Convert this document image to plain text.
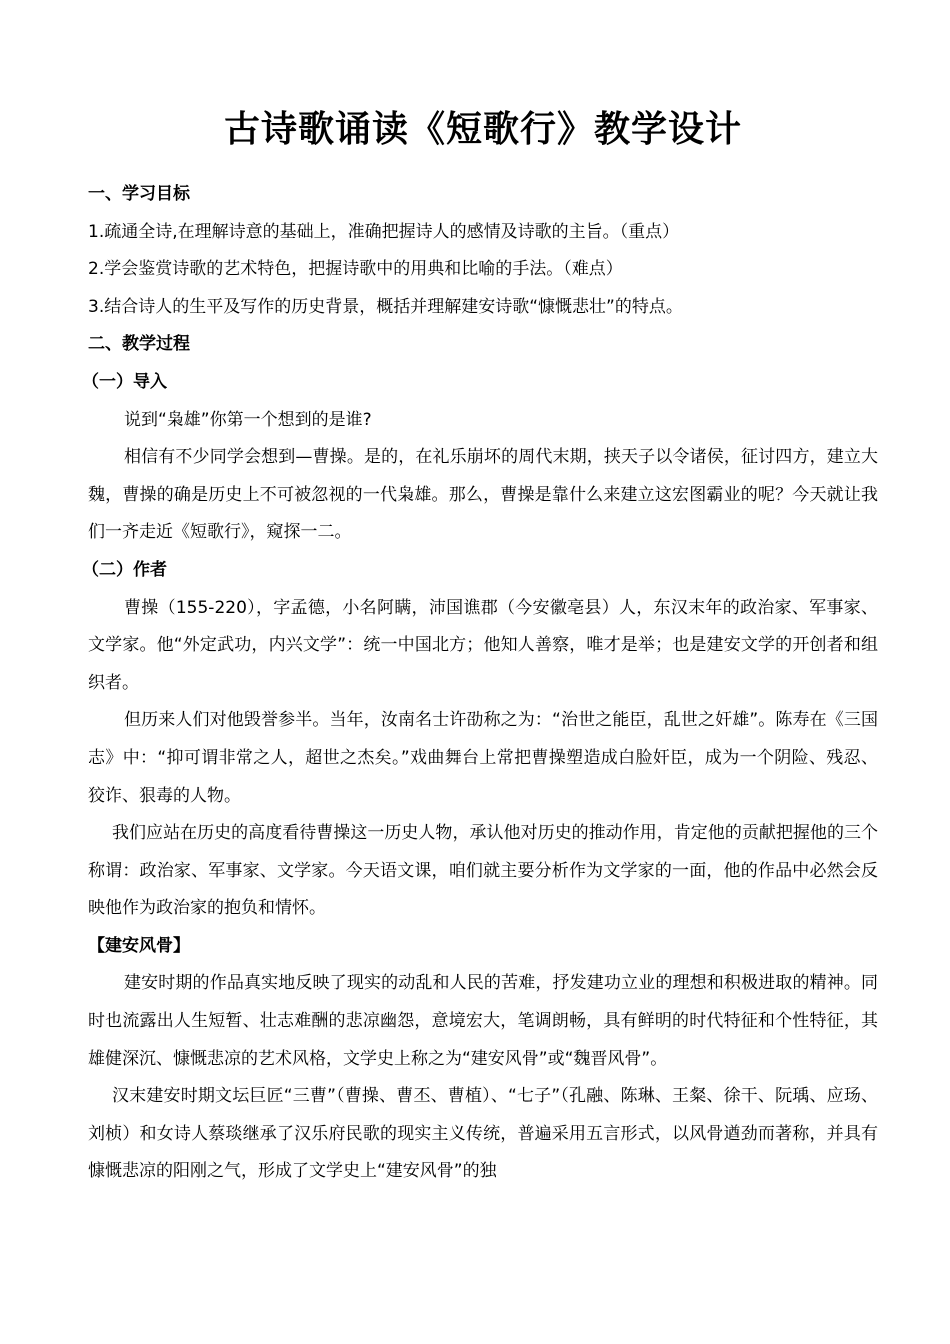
古诗歌诵读《短歌行》教学设计

一、学习目标

1.疏通全诗,在理解诗意的基础上，准确把握诗人的感情及诗歌的主旨。（重点）

2.学会鉴赏诗歌的艺术特色，把握诗歌中的用典和比喻的手法。（难点）

3.结合诗人的生平及写作的历史背景，概括并理解建安诗歌“慷慨悲壮”的特点。

二、教学过程

（一）导入

说到“枭雄”你第一个想到的是谁?

相信有不少同学会想到—曹操。是的，在礼乐崩坏的周代末期，挟天子以令诸侯，征讨四方，建立大魏，曹操的确是历史上不可被忽视的一代枭雄。那么，曹操是靠什么来建立这宏图霸业的呢？今天就让我们一齐走近《短歌行》，窥探一二。

（二）作者

曹操（155-220），字孟德，小名阿瞒，沛国谯郡（今安徽亳县）人，东汉末年的政治家、军事家、文学家。他“外定武功，内兴文学”：统一中国北方；他知人善察，唯才是举；也是建安文学的开创者和组织者。

但历来人们对他毁誉参半。当年，汝南名士许劭称之为：“治世之能臣，乱世之奸雄”。陈寿在《三国志》中：“抑可谓非常之人，超世之杰矣。”戏曲舞台上常把曹操塑造成白脸奸臣，成为一个阴险、残忍、狡诈、狠毒的人物。

我们应站在历史的高度看待曹操这一历史人物，承认他对历史的推动作用，肯定他的贡献把握他的三个称谓：政治家、军事家、文学家。今天语文课，咱们就主要分析作为文学家的一面，他的作品中必然会反映他作为政治家的抱负和情怀。

【建安风骨】

建安时期的作品真实地反映了现实的动乱和人民的苦难，抒发建功立业的理想和积极进取的精神。同时也流露出人生短暂、壮志难酬的悲凉幽怨，意境宏大，笔调朗畅，具有鲜明的时代特征和个性特征，其雄健深沉、慷慨悲凉的艺术风格，文学史上称之为“建安风骨”或“魏晋风骨”。

汉末建安时期文坛巨匠“三曹”（曹操、曹丕、曹植）、“七子”（孔融、陈琳、王粲、徐干、阮瑀、应玚、刘桢）和女诗人蔡琰继承了汉乐府民歌的现实主义传统，普遍采用五言形式，以风骨遒劲而著称，并具有慷慨悲凉的阳刚之气，形成了文学史上“建安风骨”的独
